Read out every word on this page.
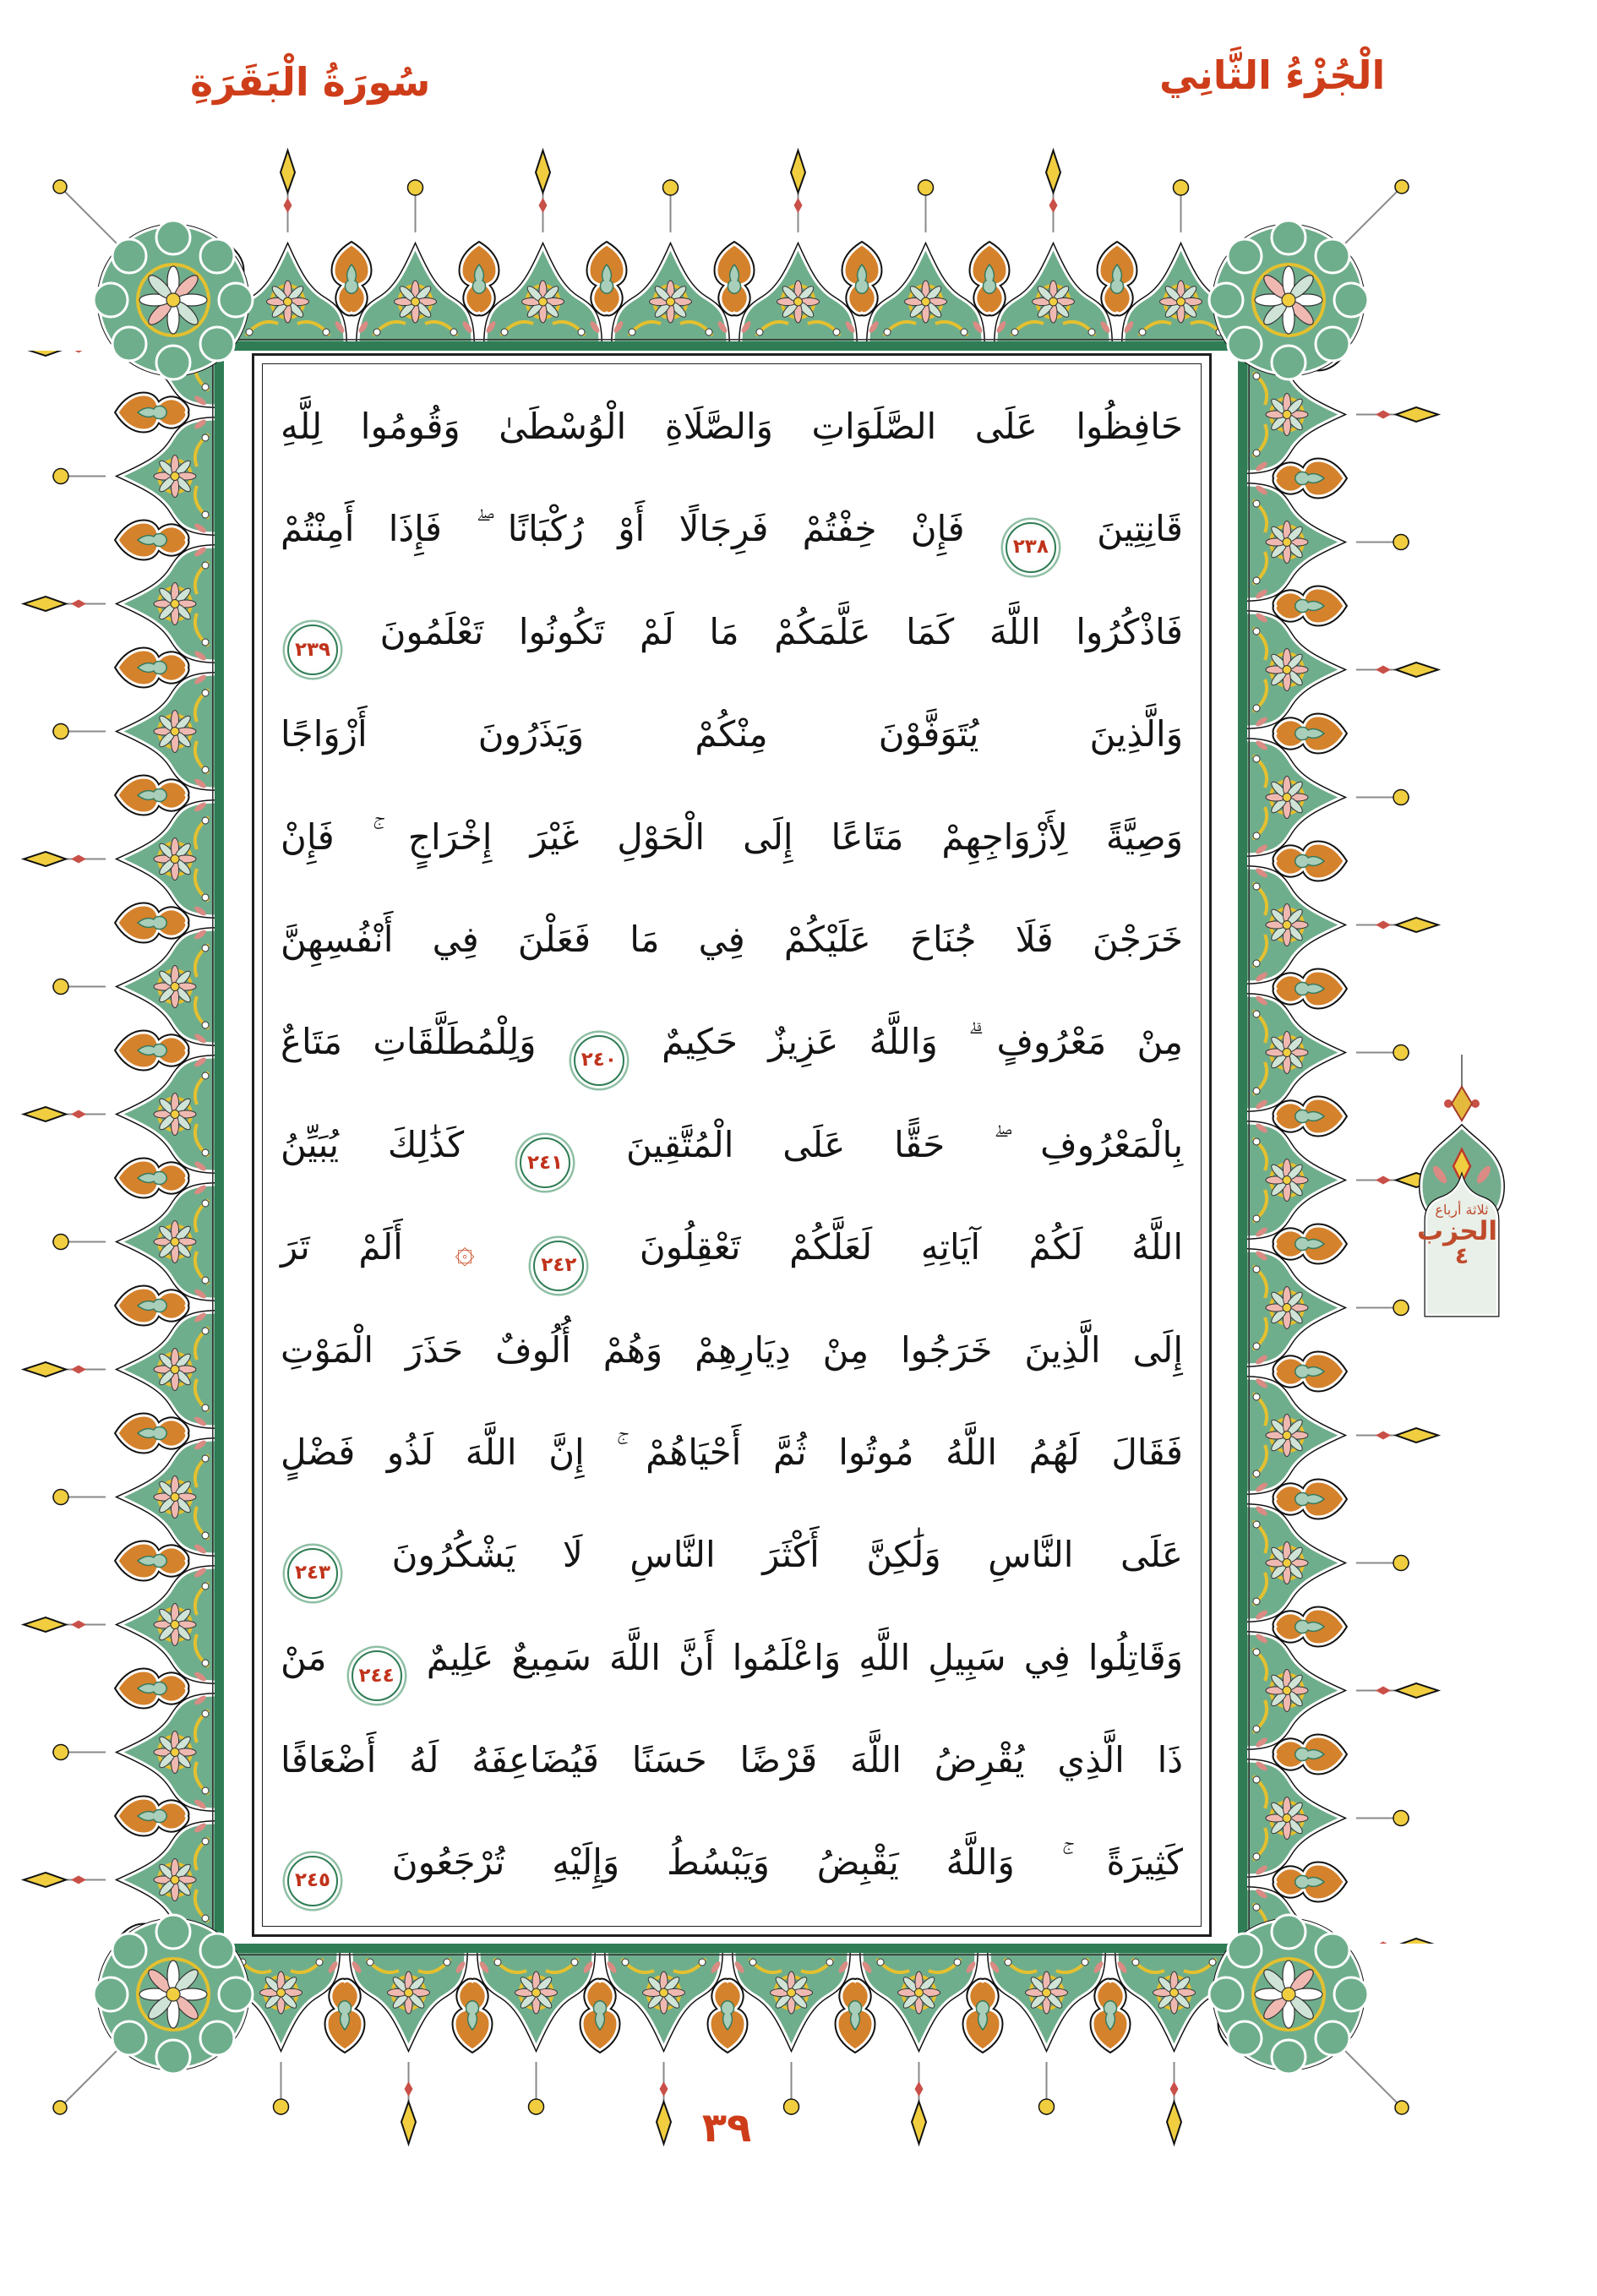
سُورَةُ الْبَقَرَةِ	الْجُزْءُ الثَّانِي
حَافِظُوا عَلَى الصَّلَوَاتِ وَالصَّلَاةِ الْوُسْطَىٰ وَقُومُوا لِلَّهِ
قَانِتِينَ
٢٣٨
فَإِنْ خِفْتُمْ فَرِجَالًا أَوْ رُكْبَانًا ۖ فَإِذَا أَمِنْتُمْ
فَاذْكُرُوا اللَّهَ كَمَا عَلَّمَكُمْ مَا لَمْ تَكُونُوا تَعْلَمُونَ
٢٣٩
وَالَّذِينَ يُتَوَفَّوْنَ مِنْكُمْ وَيَذَرُونَ أَزْوَاجًا
وَصِيَّةً لِأَزْوَاجِهِمْ مَتَاعًا إِلَى الْحَوْلِ غَيْرَ إِخْرَاجٍ ۚ فَإِنْ
خَرَجْنَ فَلَا جُنَاحَ عَلَيْكُمْ فِي مَا فَعَلْنَ فِي أَنْفُسِهِنَّ
مِنْ مَعْرُوفٍ ۗ وَاللَّهُ عَزِيزٌ حَكِيمٌ
٢٤٠
وَلِلْمُطَلَّقَاتِ مَتَاعٌ
بِالْمَعْرُوفِ ۖ حَقًّا عَلَى الْمُتَّقِينَ
٢٤١
كَذَٰلِكَ يُبَيِّنُ
اللَّهُ لَكُمْ آيَاتِهِ لَعَلَّكُمْ تَعْقِلُونَ
٢٤٢
۞ أَلَمْ تَرَ
إِلَى الَّذِينَ خَرَجُوا مِنْ دِيَارِهِمْ وَهُمْ أُلُوفٌ حَذَرَ الْمَوْتِ
فَقَالَ لَهُمُ اللَّهُ مُوتُوا ثُمَّ أَحْيَاهُمْ ۚ إِنَّ اللَّهَ لَذُو فَضْلٍ
عَلَى النَّاسِ وَلَٰكِنَّ أَكْثَرَ النَّاسِ لَا يَشْكُرُونَ
٢٤٣
وَقَاتِلُوا فِي سَبِيلِ اللَّهِ وَاعْلَمُوا أَنَّ اللَّهَ سَمِيعٌ عَلِيمٌ
٢٤٤
مَنْ
ذَا الَّذِي يُقْرِضُ اللَّهَ قَرْضًا حَسَنًا فَيُضَاعِفَهُ لَهُ أَضْعَافًا
كَثِيرَةً ۚ وَاللَّهُ يَقْبِضُ وَيَبْسُطُ وَإِلَيْهِ تُرْجَعُونَ
٢٤٥
ثلاثة أرباع
الحزب
٤
٣٩
